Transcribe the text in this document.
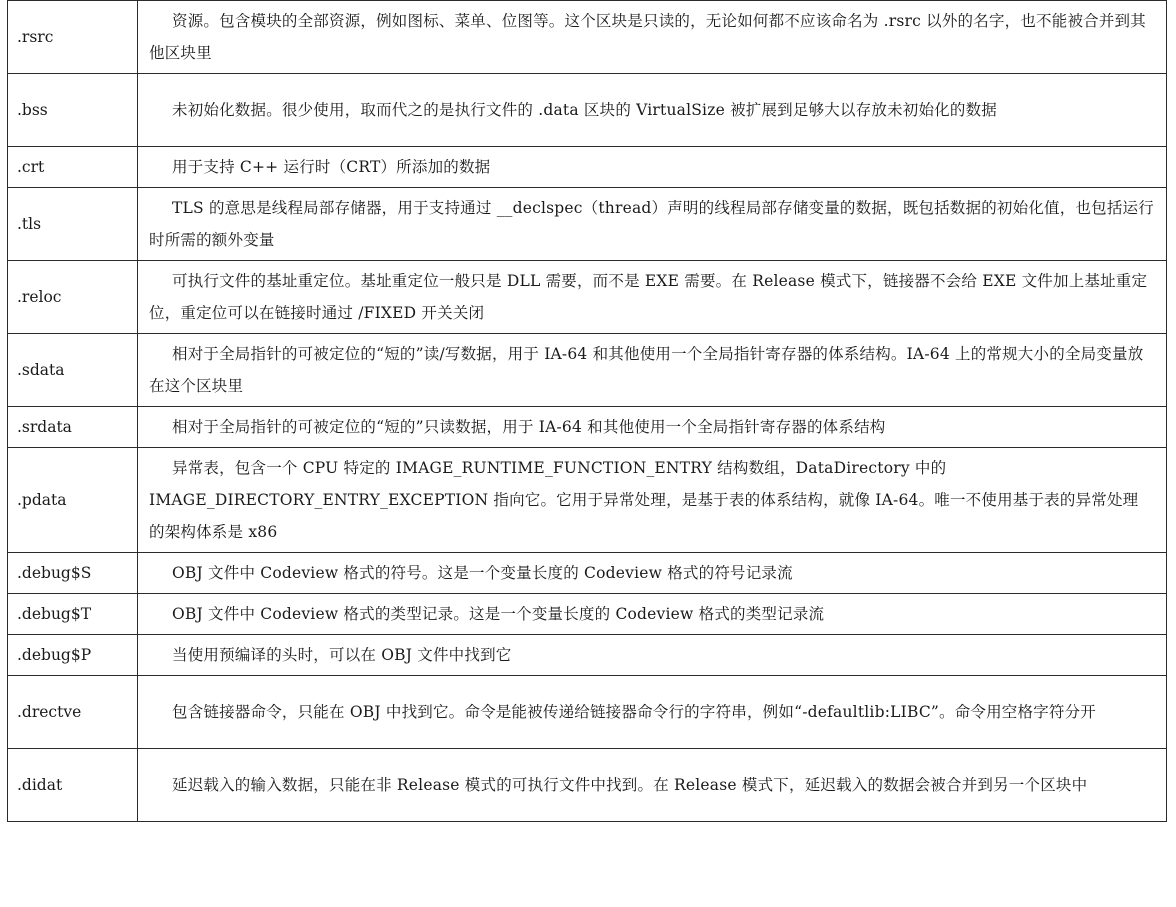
.rsrc	资源。包含模块的全部资源，例如图标、菜单、位图等。这个区块是只读的，无论如何都不应该命名为 .rsrc 以外的名字，也不能被合并到其他区块里
.bss	未初始化数据。很少使用，取而代之的是执行文件的 .data 区块的 VirtualSize 被扩展到足够大以存放未初始化的数据
.crt	用于支持 C++ 运行时（CRT）所添加的数据
.tls	TLS 的意思是线程局部存储器，用于支持通过 __declspec（thread）声明的线程局部存储变量的数据，既包括数据的初始化值，也包括运行时所需的额外变量
.reloc	可执行文件的基址重定位。基址重定位一般只是 DLL 需要，而不是 EXE 需要。在 Release 模式下，链接器不会给 EXE 文件加上基址重定位，重定位可以在链接时通过 /FIXED 开关关闭
.sdata	相对于全局指针的可被定位的“短的”读/写数据，用于 IA-64 和其他使用一个全局指针寄存器的体系结构。IA-64 上的常规大小的全局变量放在这个区块里
.srdata	相对于全局指针的可被定位的“短的”只读数据，用于 IA-64 和其他使用一个全局指针寄存器的体系结构
.pdata	异常表，包含一个 CPU 特定的 IMAGE_RUNTIME_FUNCTION_ENTRY 结构数组，DataDirectory 中的 IMAGE_DIRECTORY_ENTRY_EXCEPTION 指向它。它用于异常处理，是基于表的体系结构，就像 IA-64。唯一不使用基于表的异常处理的架构体系是 x86
.debug$S	OBJ 文件中 Codeview 格式的符号。这是一个变量长度的 Codeview 格式的符号记录流
.debug$T	OBJ 文件中 Codeview 格式的类型记录。这是一个变量长度的 Codeview 格式的类型记录流
.debug$P	当使用预编译的头时，可以在 OBJ 文件中找到它
.drectve	包含链接器命令，只能在 OBJ 中找到它。命令是能被传递给链接器命令行的字符串，例如“-defaultlib:LIBC”。命令用空格字符分开
.didat	延迟载入的输入数据，只能在非 Release 模式的可执行文件中找到。在 Release 模式下，延迟载入的数据会被合并到另一个区块中
